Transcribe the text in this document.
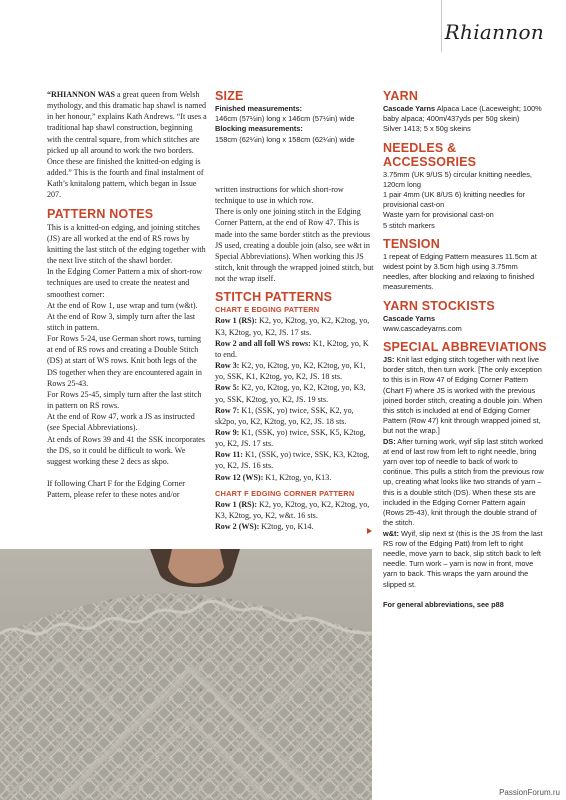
Rhiannon

“RHIANNON WAS a great queen from Welsh mythology, and this dramatic hap shawl is named in her honour,” explains Kath Andrews. “It uses a traditional hap shawl construction, beginning with the central square, from which stitches are picked up all around to work the two borders. Once these are finished the knitted-on edging is added.” This is the fourth and final instalment of Kath’s knitalong pattern, which began in Issue 207.

PATTERN NOTES

This is a knitted-on edging, and joining stitches (JS) are all worked at the end of RS rows by knitting the last stitch of the edging together with the next live stitch of the shawl border.

In the Edging Corner Pattern a mix of short-row techniques are used to create the neatest and smoothest corner:

At the end of Row 1, use wrap and turn (w&t).

At the end of Row 3, simply turn after the last stitch in pattern.

For Rows 5-24, use German short rows, turning at end of RS rows and creating a Double Stitch (DS) at start of WS rows. Knit both legs of the DS together when they are encountered again in Rows 25-43.

For Rows 25-45, simply turn after the last stitch in pattern on RS rows.

At the end of Row 47, work a JS as instructed (see Special Abbreviations).

At ends of Rows 39 and 41 the SSK incorporates the DS, so it could be difficult to work. We suggest working these 2 decs as skpo.

If following Chart F for the Edging Corner Pattern, please refer to these notes and/or

SIZE
Finished measurements:
146cm (57½in) long x 146cm (57½in) wide
Blocking measurements:
158cm (62¼in) long x 158cm (62¼in) wide

written instructions for which short-row technique to use in which row.

There is only one joining stitch in the Edging Corner Pattern, at the end of Row 47. This is made into the same border stitch as the previous JS used, creating a double join (also, see w&t in Special Abbreviations). When working this JS stitch, knit through the wrapped joined stitch, but not the wrap itself.

STITCH PATTERNS
CHART E EDGING PATTERN

Row 1 (RS): K2, yo, K2tog, yo, K2, K2tog, yo, K3, K2tog, yo, K2, JS. 17 sts.

Row 2 and all foll WS rows: K1, K2tog, yo, K to end.

Row 3: K2, yo, K2tog, yo, K2, K2tog, yo, K1, yo, SSK, K1, K2tog, yo, K2, JS. 18 sts.

Row 5: K2, yo, K2tog, yo, K2, K2tog, yo, K3, yo, SSK, K2tog, yo, K2, JS. 19 sts.

Row 7: K1, (SSK, yo) twice, SSK, K2, yo, sk2po, yo, K2, K2tog, yo, K2, JS. 18 sts.

Row 9: K1, (SSK, yo) twice, SSK, K5, K2tog, yo, K2, JS. 17 sts.

Row 11: K1, (SSK, yo) twice, SSK, K3, K2tog, yo, K2, JS. 16 sts.

Row 12 (WS): K1, K2tog, yo, K13.

CHART F EDGING CORNER PATTERN

Row 1 (RS): K2, yo, K2tog, yo, K2, K2tog, yo, K3, K2tog, yo, K2, w&t. 16 sts.

Row 2 (WS): K2tog, yo, K14.

YARN

Cascade Yarns Alpaca Lace (Laceweight; 100% baby alpaca; 400m/437yds per 50g skein)

Silver 1413; 5 x 50g skeins

NEEDLES & ACCESSORIES

3.75mm (UK 9/US 5) circular knitting needles, 120cm long

1 pair 4mm (UK 8/US 6) knitting needles for provisional cast-on

Waste yarn for provisional cast-on

5 stitch markers

TENSION

1 repeat of Edging Pattern measures 11.5cm at widest point by 3.5cm high using 3.75mm needles, after blocking and relaxing to finished measurements.

YARN STOCKISTS

Cascade Yarns

www.cascadeyarns.com

SPECIAL ABBREVIATIONS

JS: Knit last edging stitch together with next live border stitch, then turn work. [The only exception to this is in Row 47 of Edging Corner Pattern (Chart F) where JS is worked with the previous joined border stitch, creating a double join. When this stitch is included at end of Edging Corner Pattern (Row 47) knit through wrapped joined st, but not the wrap.]

DS: After turning work, wyif slip last stitch worked at end of last row from left to right needle, bring yarn over top of needle to back of work to continue. This pulls a stitch from the previous row up, creating what looks like two strands of yarn – this is a double stitch (DS). When these sts are included in the Edging Corner Pattern again (Rows 25-43), knit through the double strand of the stitch.

w&t: Wyif, slip next st (this is the JS from the last RS row of the Edging Patt) from left to right needle, move yarn to back, slip stitch back to left needle. Turn work – yarn is now in front, move yarn to back. This wraps the yarn around the slipped st.

For general abbreviations, see p88

PassionForum.ru
